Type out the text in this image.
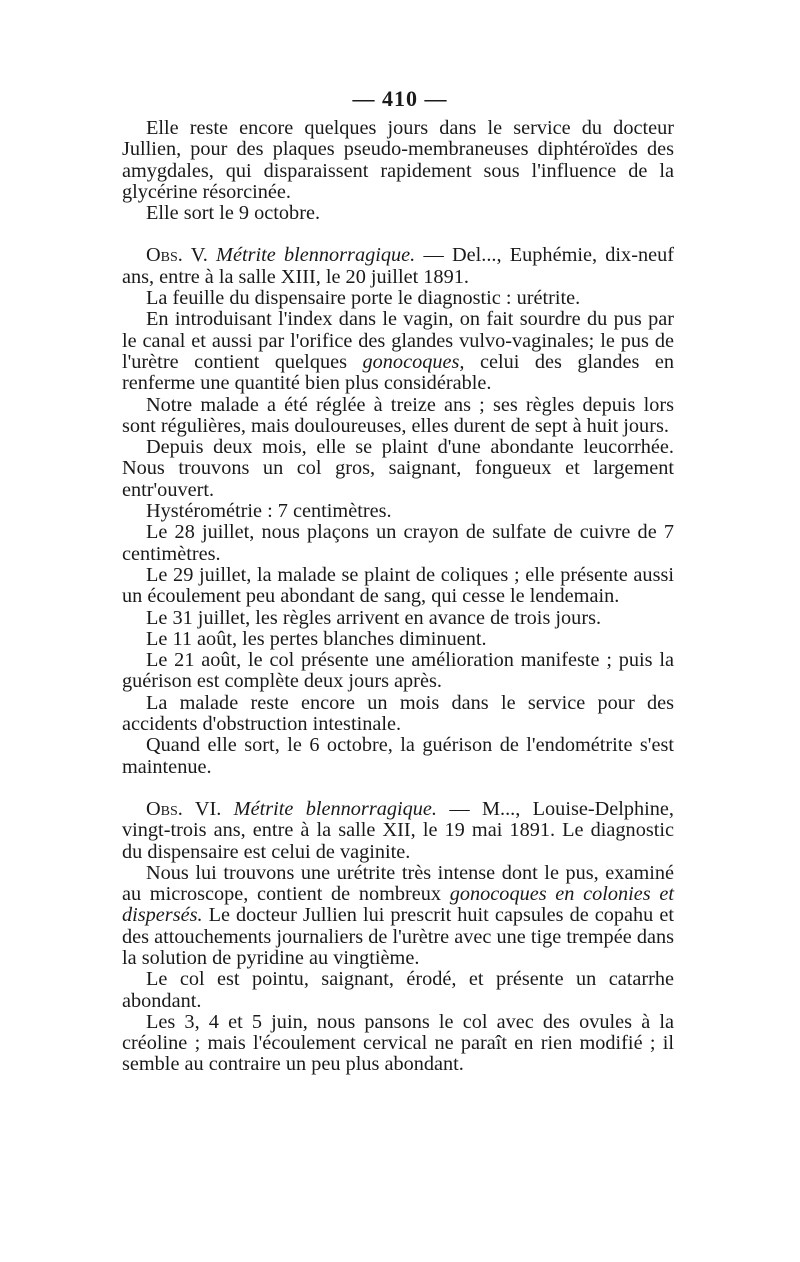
— 410 —

Elle reste encore quelques jours dans le service du docteur Jullien, pour des plaques pseudo-membraneuses diphtéroïdes des amygdales, qui disparaissent rapidement sous l'influence de la glycérine résorcinée.

Elle sort le 9 octobre.

Obs. V. Métrite blennorragique. — Del..., Euphémie, dix-neuf ans, entre à la salle XIII, le 20 juillet 1891.

La feuille du dispensaire porte le diagnostic : urétrite.

En introduisant l'index dans le vagin, on fait sourdre du pus par le canal et aussi par l'orifice des glandes vulvo-vaginales; le pus de l'urètre contient quelques gonocoques, celui des glandes en renferme une quantité bien plus considérable.

Notre malade a été réglée à treize ans ; ses règles depuis lors sont régulières, mais douloureuses, elles durent de sept à huit jours.

Depuis deux mois, elle se plaint d'une abondante leucorrhée. Nous trouvons un col gros, saignant, fongueux et largement entr'ouvert.

Hystérométrie : 7 centimètres.

Le 28 juillet, nous plaçons un crayon de sulfate de cuivre de 7 centimètres.

Le 29 juillet, la malade se plaint de coliques ; elle présente aussi un écoulement peu abondant de sang, qui cesse le lendemain.

Le 31 juillet, les règles arrivent en avance de trois jours.

Le 11 août, les pertes blanches diminuent.

Le 21 août, le col présente une amélioration manifeste ; puis la guérison est complète deux jours après.

La malade reste encore un mois dans le service pour des accidents d'obstruction intestinale.

Quand elle sort, le 6 octobre, la guérison de l'endométrite s'est maintenue.

Obs. VI. Métrite blennorragique. — M..., Louise-Delphine, vingt-trois ans, entre à la salle XII, le 19 mai 1891. Le diagnostic du dispensaire est celui de vaginite.

Nous lui trouvons une urétrite très intense dont le pus, examiné au microscope, contient de nombreux gonocoques en colonies et dispersés. Le docteur Jullien lui prescrit huit capsules de copahu et des attouchements journaliers de l'urètre avec une tige trempée dans la solution de pyridine au vingtième.

Le col est pointu, saignant, érodé, et présente un catarrhe abondant.

Les 3, 4 et 5 juin, nous pansons le col avec des ovules à la créoline ; mais l'écoulement cervical ne paraît en rien modifié ; il semble au contraire un peu plus abondant.
